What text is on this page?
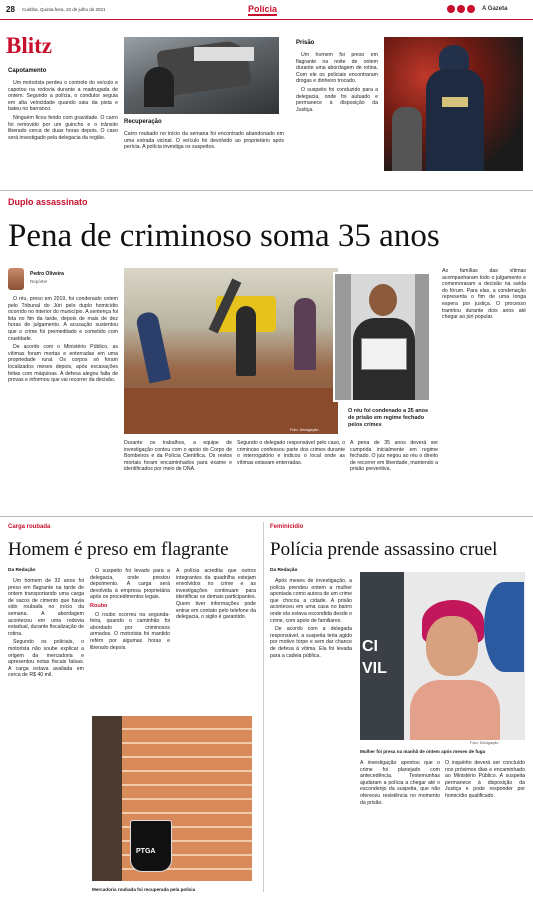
28 Curitiba, Quinta-feira, 22 de julho de 2021	Polícia	A Gazeta
Blitz
Capotamento

Um motorista perdeu o controle do veículo e capotou na rodovia durante a madrugada de ontem. Segundo a polícia, o condutor seguia em alta velocidade quando saiu da pista e bateu no barranco.

Ninguém ficou ferido com gravidade. O carro foi removido por um guincho e o trânsito liberado cerca de duas horas depois. O caso será investigado pela delegacia da região.

Recuperação
Carro roubado no início da semana foi encontrado abandonado em uma estrada vicinal. O veículo foi devolvido ao proprietário após perícia. A polícia investiga os suspeitos.
Prisão

Um homem foi preso em flagrante na noite de ontem durante uma abordagem de rotina. Com ele os policiais encontraram drogas e dinheiro trocado.

O suspeito foi conduzido para a delegacia, onde foi autuado e permanece à disposição da Justiça.

Duplo assassinato
Pena de criminoso soma 35 anos
Pedro Oliveira
Repórter

O réu, preso em 2019, foi condenado ontem pelo Tribunal do Júri pelo duplo homicídio ocorrido no interior do município. A sentença foi lida no fim da tarde, depois de mais de dez horas de julgamento. A acusação sustentou que o crime foi premeditado e cometido com crueldade.

De acordo com o Ministério Público, as vítimas foram mortas e enterradas em uma propriedade rural. Os corpos só foram localizados meses depois, após escavações feitas com máquinas. A defesa alegou falta de provas e informou que vai recorrer da decisão.

Foto: Divulgação
O réu foi condenado a 35 anos de prisão em regime fechado pelos crimes
Durante os trabalhos, a equipe de investigação contou com o apoio do Corpo de Bombeiros e da Polícia Científica. Os restos mortais foram encaminhados para exame e identificados por meio de DNA.
Segundo o delegado responsável pelo caso, o criminoso confessou parte dos crimes durante o interrogatório e indicou o local onde as vítimas estavam enterradas.
A pena de 35 anos deverá ser cumprida inicialmente em regime fechado. O juiz negou ao réu o direito de recorrer em liberdade, mantendo a prisão preventiva.
As famílias das vítimas acompanharam todo o julgamento e comemoraram a decisão na saída do fórum. Para elas, a condenação representa o fim de uma longa espera por justiça. O processo tramitou durante dois anos até chegar ao júri popular.
Carga roubada
Homem é preso em flagrante
Da Redação

Um homem de 32 anos foi preso em flagrante na tarde de ontem transportando uma carga de sacos de cimento que havia sido roubada no início da semana. A abordagem aconteceu em uma rodovia estadual, durante fiscalização de rotina.

Segundo os policiais, o motorista não soube explicar a origem da mercadoria e apresentou notas fiscais falsas. A carga estava avaliada em cerca de R$ 40 mil.

O suspeito foi levado para a delegacia, onde prestou depoimento. A carga será devolvida à empresa proprietária após os procedimentos legais.

Roubo

O roubo ocorreu na segunda-feira, quando o caminhão foi abordado por criminosos armados. O motorista foi mantido refém por algumas horas e liberado depois.

A polícia acredita que outros integrantes da quadrilha estejam envolvidos no crime e as investigações continuam para identificar os demais participantes. Quem tiver informações pode entrar em contato pelo telefone da delegacia, o sigilo é garantido.
PTGA
Mercadoria roubada foi recuperada pela polícia
Feminicídio
Polícia prende assassino cruel
Da Redação

Após meses de investigação, a polícia prendeu ontem a mulher apontada como autora de um crime que chocou a cidade. A prisão aconteceu em uma casa no bairro onde ela estava escondida desde o crime, com apoio de familiares.

De acordo com a delegada responsável, a suspeita teria agido por motivo torpe e sem dar chance de defesa à vítima. Ela foi levada para a cadeia pública.

CI VIL
Foto: Divulgação
Mulher foi presa na manhã de ontem após meses de fuga
A investigação apontou que o crime foi planejado com antecedência. Testemunhas ajudaram a polícia a chegar até o esconderijo da suspeita, que não ofereceu resistência no momento da prisão.
O inquérito deverá ser concluído nos próximos dias e encaminhado ao Ministério Público. A suspeita permanece à disposição da Justiça e pode responder por homicídio qualificado.
